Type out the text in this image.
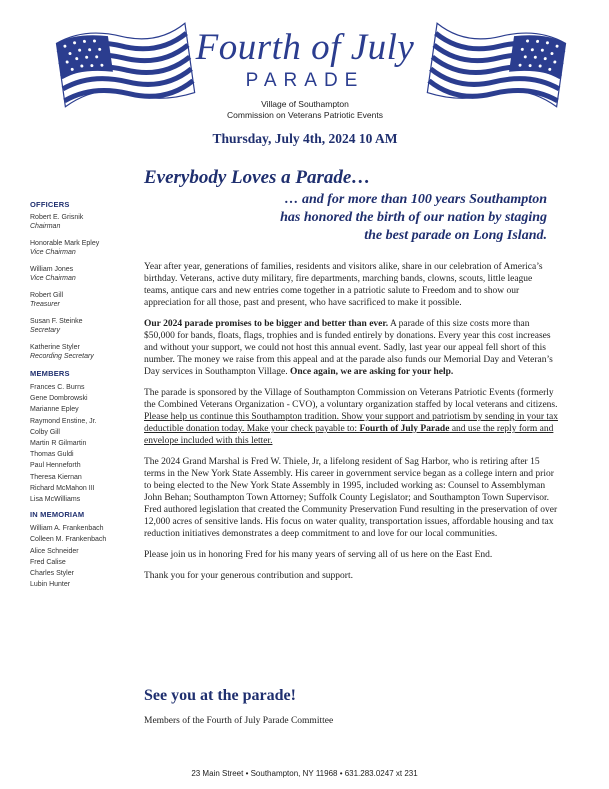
Fourth of July
PARADE
Village of Southampton
Commission on Veterans Patriotic Events
Thursday, July 4th, 2024 10 AM
Everybody Loves a Parade…
… and for more than 100 years Southampton
has honored the birth of our nation by staging
the best parade on Long Island.
OFFICERS
Robert E. Grisnik
Chairman
Honorable Mark Epley
Vice Chairman
William Jones
Vice Chairman
Robert Gill
Treasurer
Susan F. Steinke
Secretary
Katherine Styler
Recording Secretary
MEMBERS
Frances C. Burns
Gene Dombrowski
Marianne Epley
Raymond Enstine, Jr.
Colby Gill
Martin R Gilmartin
Thomas Guldi
Paul Henneforth
Theresa Kiernan
Richard McMahon III
Lisa McWilliams
IN MEMORIAM
William A. Frankenbach
Colleen M. Frankenbach
Alice Schneider
Fred Calise
Charles Styler
Lubin Hunter

Year after year, generations of families, residents and visitors alike, share in our celebration of America’s birthday. Veterans, active duty military, fire departments, marching bands, clowns, scouts, little league teams, antique cars and new entries come together in a patriotic salute to Freedom and to show our appreciation for all those, past and present, who have sacrificed to make it possible.

Our 2024 parade promises to be bigger and better than ever. A parade of this size costs more than $50,000 for bands, floats, flags, trophies and is funded entirely by donations. Every year this cost increases and without your support, we could not host this annual event. Sadly, last year our appeal fell short of this number. The money we raise from this appeal and at the parade also funds our Memorial Day and Veteran’s Day services in Southampton Village. Once again, we are asking for your help.

The parade is sponsored by the Village of Southampton Commission on Veterans Patriotic Events (formerly the Combined Veterans Organization - CVO), a voluntary organization staffed by local veterans and citizens. Please help us continue this Southampton tradition. Show your support and patriotism by sending in your tax deductible donation today. Make your check payable to: Fourth of July Parade and use the reply form and envelope included with this letter.

The 2024 Grand Marshal is Fred W. Thiele, Jr, a lifelong resident of Sag Harbor, who is retiring after 15 terms in the New York State Assembly. His career in government service began as a college intern and prior to being elected to the New York State Assembly in 1995, included working as: Counsel to Assemblyman John Behan; Southampton Town Attorney; Suffolk County Legislator; and Southampton Town Supervisor. Fred authored legislation that created the Community Preservation Fund resulting in the preservation of over 12,000 acres of sensitive lands. His focus on water quality, transportation issues, affordable housing and tax reduction initiatives demonstrates a deep commitment to and love for our local communities.

Please join us in honoring Fred for his many years of serving all of us here on the East End.

Thank you for your generous contribution and support.

See you at the parade!
Members of the Fourth of July Parade Committee
23 Main Street • Southampton, NY 11968 • 631.283.0247 xt 231
